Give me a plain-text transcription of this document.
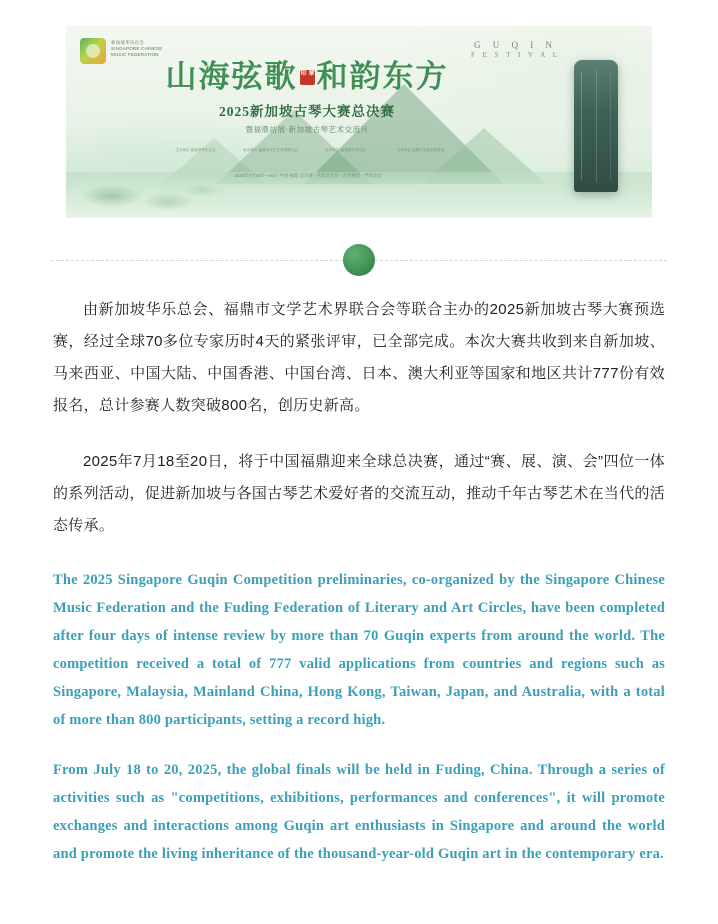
新加坡华乐总会 SINGAPORE CHINESE MUSIC FEDERATION
G U Q I N
F E S T I V A L
山海弦歌 印章和韵东方
2025新加坡古琴大赛总决赛
暨福鼎站展·新加坡古琴艺术交流月
主办单位 新加坡华乐总会	承办单位 福鼎市文学艺术界联合会	协办单位 新加坡古琴学会	支持单位 福鼎市文化和旅游局
2025年7月18日—20日 中国·福鼎 总决赛 · 名家音乐会 · 古琴展览 · 学术论坛

由新加坡华乐总会、福鼎市文学艺术界联合会等联合主办的2025新加坡古琴大赛预选赛，经过全球70多位专家历时4天的紧张评审，已全部完成。本次大赛共收到来自新加坡、马来西亚、中国大陆、中国香港、中国台湾、日本、澳大利亚等国家和地区共计777份有效报名，总计参赛人数突破800名，创历史新高。

2025年7月18至20日，将于中国福鼎迎来全球总决赛，通过“赛、展、演、会”四位一体的系列活动，促进新加坡与各国古琴艺术爱好者的交流互动，推动千年古琴艺术在当代的活态传承。

The 2025 Singapore Guqin Competition preliminaries, co-organized by the Singapore Chinese Music Federation and the Fuding Federation of Literary and Art Circles, have been completed after four days of intense review by more than 70 Guqin experts from around the world. The competition received a total of 777 valid applications from countries and regions such as Singapore, Malaysia, Mainland China, Hong Kong, Taiwan, Japan, and Australia, with a total of more than 800 participants, setting a record high.

From July 18 to 20, 2025, the global finals will be held in Fuding, China. Through a series of activities such as "competitions, exhibitions, performances and conferences", it will promote exchanges and interactions among Guqin art enthusiasts in Singapore and around the world and promote the living inheritance of the thousand-year-old Guqin art in the contemporary era.
